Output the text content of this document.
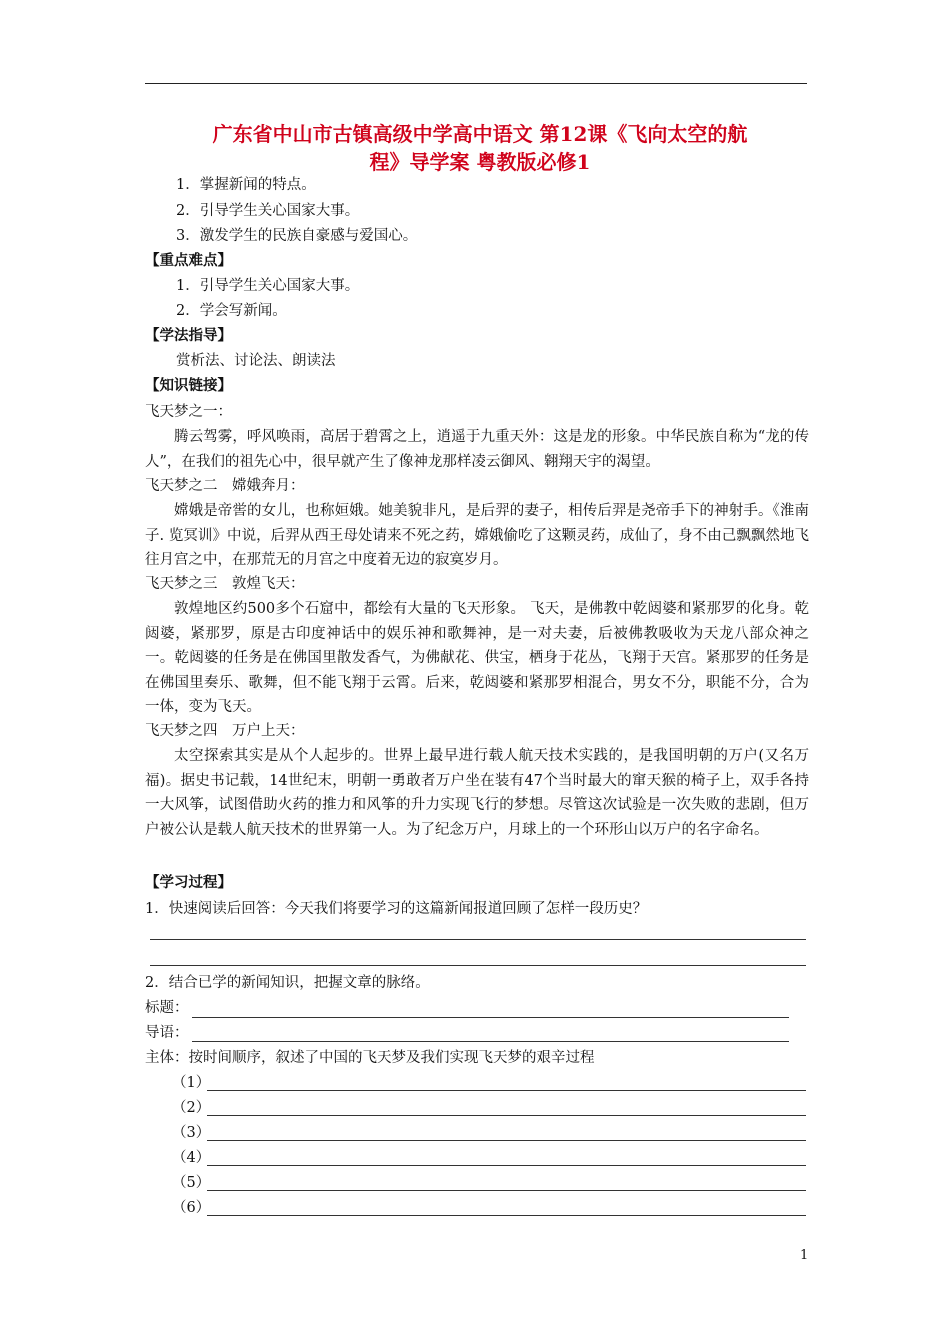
广东省中山市古镇高级中学高中语文 第12课《飞向太空的航
程》导学案 粤教版必修1
1．掌握新闻的特点。
2．引导学生关心国家大事。
3．激发学生的民族自豪感与爱国心。
【重点难点】
1．引导学生关心国家大事。
2．学会写新闻。
【学法指导】
赏析法、讨论法、朗读法
【知识链接】
飞天梦之一：
腾云驾雾，呼风唤雨，高居于碧霄之上，逍遥于九重天外：这是龙的形象。中华民族自称为“龙的传人”，在我们的祖先心中，很早就产生了像神龙那样凌云御风、翱翔天宇的渴望。
飞天梦之二　嫦娥奔月：
嫦娥是帝喾的女儿，也称姮娥。她美貌非凡，是后羿的妻子，相传后羿是尧帝手下的神射手。《淮南子. 览冥训》中说，后羿从西王母处请来不死之药，嫦娥偷吃了这颗灵药，成仙了，身不由己飘飘然地飞往月宫之中，在那荒无的月宫之中度着无边的寂寞岁月。
飞天梦之三　敦煌飞天：
敦煌地区约500多个石窟中，都绘有大量的飞天形象。 飞天，是佛教中乾闼婆和紧那罗的化身。乾闼婆，紧那罗，原是古印度神话中的娱乐神和歌舞神，是一对夫妻，后被佛教吸收为天龙八部众神之一。乾闼婆的任务是在佛国里散发香气，为佛献花、供宝，栖身于花丛，飞翔于天宫。紧那罗的任务是在佛国里奏乐、歌舞，但不能飞翔于云霄。后来，乾闼婆和紧那罗相混合，男女不分，职能不分，合为一体，变为飞天。
飞天梦之四　万户上天：
太空探索其实是从个人起步的。世界上最早进行载人航天技术实践的，是我国明朝的万户(又名万福)。据史书记载，14世纪末，明朝一勇敢者万户坐在装有47个当时最大的窜天猴的椅子上，双手各持一大风筝，试图借助火药的推力和风筝的升力实现飞行的梦想。尽管这次试验是一次失败的悲剧，但万户被公认是载人航天技术的世界第一人。为了纪念万户，月球上的一个环形山以万户的名字命名。
【学习过程】
1．快速阅读后回答：今天我们将要学习的这篇新闻报道回顾了怎样一段历史？
2．结合已学的新闻知识，把握文章的脉络。
标题：
导语：
主体：按时间顺序，叙述了中国的飞天梦及我们实现飞天梦的艰辛过程
（1）
（2）
（3）
（4）
（5）
（6）
1
